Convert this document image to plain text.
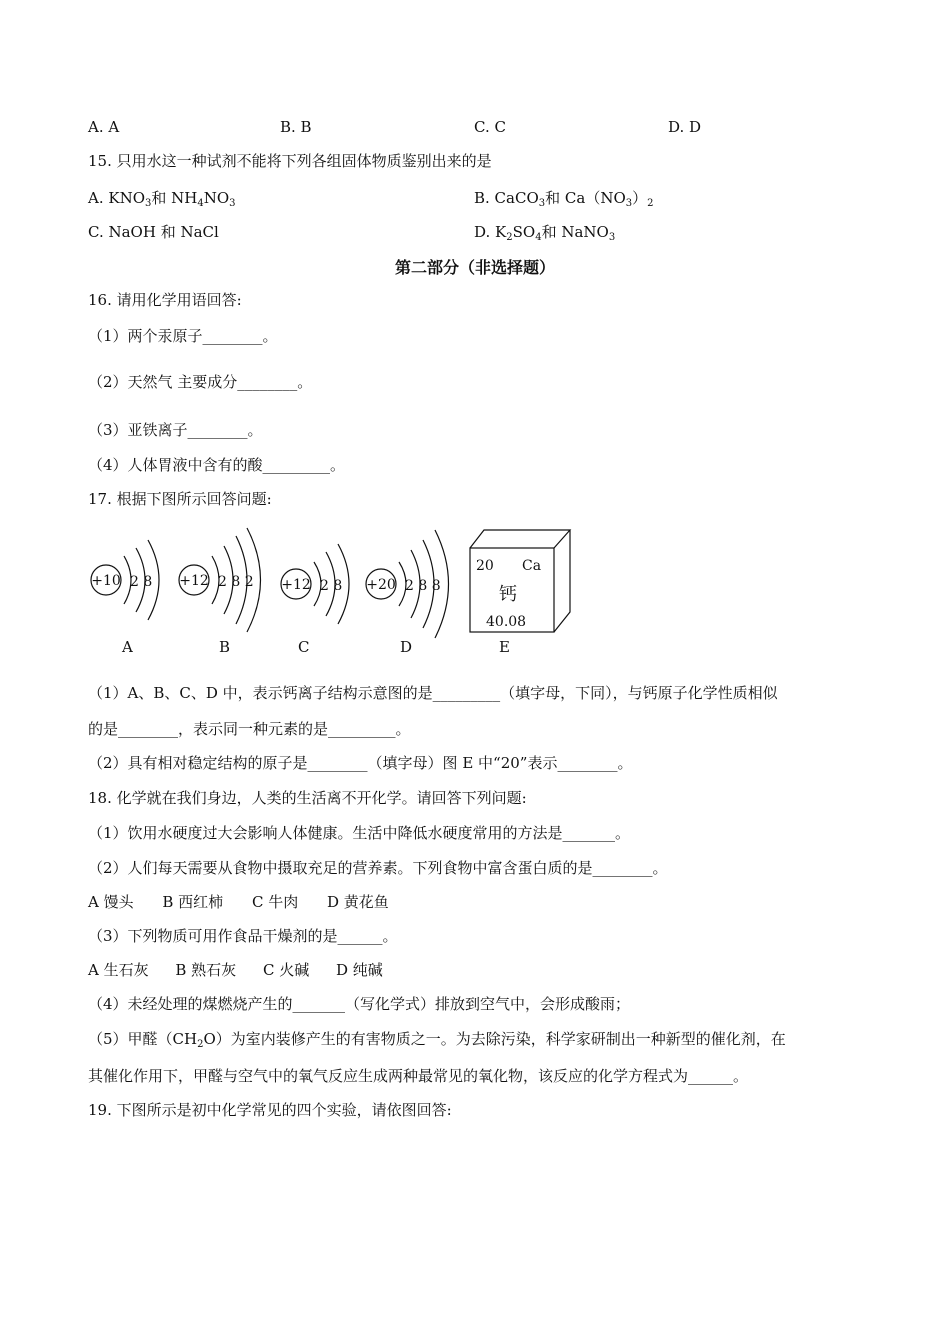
A. A	B. B	C. C	D. D
15. 只用水这一种试剂不能将下列各组固体物质鉴别出来的是
A. $KNO_3$和 $NH_4NO_3$	B. CaCO$_3$和 $Ca(NO_3)_2$
C. NaOH 和 NaCl	D. $K_2SO_4$和 NaNO$_3$
第二部分（非选择题）
16. 请用化学用语回答:
（1）两个汞原子________。
（2）天然气 主要成分________。
（3）亚铁离子________。
（4）人体胃液中含有的酸_________。
17. 根据下图所示回答问题:
+10 2 8
A
+12 2 8 2
B
+12 2 8
C
+20 2 8 8
D
20 Ca
钙
40.08
E
（1）A、B、C、D 中，表示钙离子结构示意图的是_________（填字母，下同），与钙原子化学性质相似
的是________，表示同一种元素的是_________。
（2）具有相对稳定结构的原子是________（填字母）图 E 中“20”表示________。
18. 化学就在我们身边，人类的生活离不开化学。请回答下列问题:
（1）饮用水硬度过大会影响人体健康。生活中降低水硬度常用的方法是_______。
（2）人们每天需要从食物中摄取充足的营养素。下列食物中富含蛋白质的是________。
A 馒头 B 西红柿 C 牛肉 D 黄花鱼
（3）下列物质可用作食品干燥剂的是______。
A 生石灰 B 熟石灰 C 火碱 D 纯碱
（4）未经处理的煤燃烧产生的_______（写化学式）排放到空气中，会形成酸雨；
（5）甲醛$(CH_2O)$为室内装修产生的有害物质之一。为去除污染，科学家研制出一种新型的催化剂，在
其催化作用下，甲醛与空气中的氧气反应生成两种最常见的氧化物，该反应的化学方程式为______。
19. 下图所示是初中化学常见的四个实验，请依图回答:
